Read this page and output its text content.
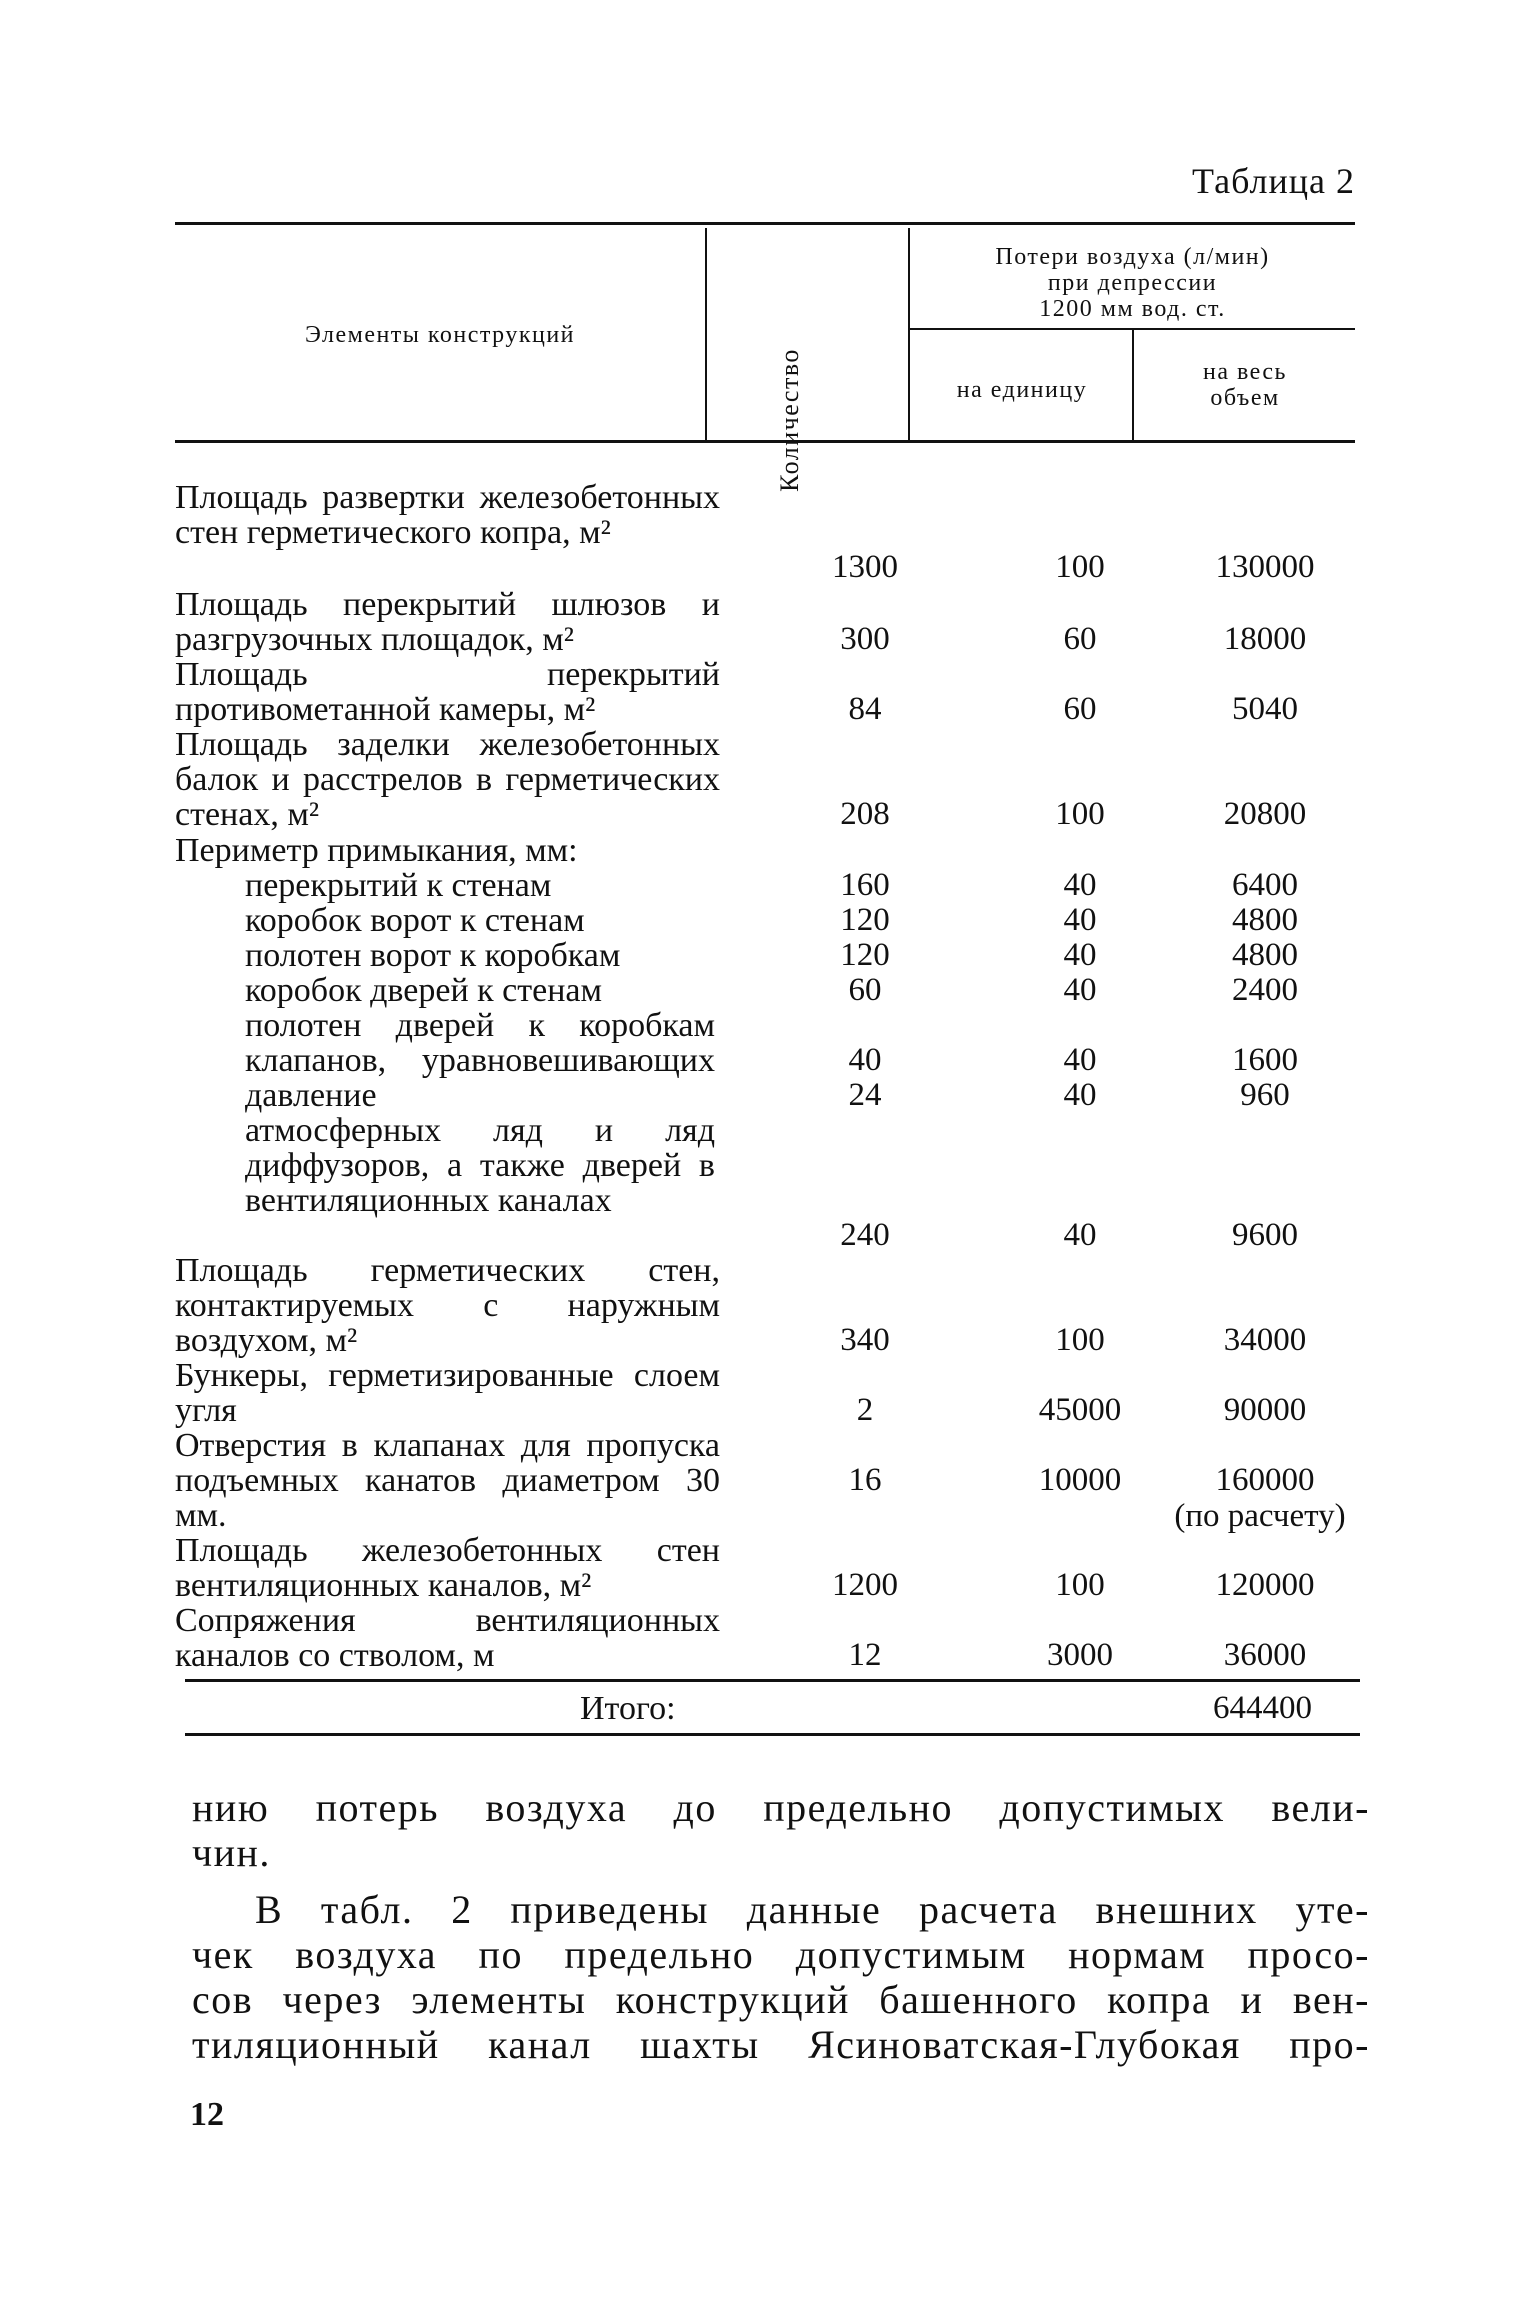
Таблица 2
Элементы конструкций
Количество
Потери воздуха (л/мин)
при депрессии
1200 мм вод. ст.
на единицу
на весь
объем
Площадь развертки железобетонных стен герметического копра, м²
Площадь перекрытий шлюзов и разгрузочных площадок, м²
Площадь перекрытий противометанной камеры, м²
Площадь заделки железобетонных балок и расстрелов в герметических стенах, м²
Периметр примыкания, мм:
перекрытий к стенам
коробок ворот к стенам
полотен ворот к коробкам
коробок дверей к стенам
полотен дверей к коробкам клапанов, уравновешивающих давление
атмосферных ляд и ляд диффузоров, а также дверей в вентиляционных каналах
Площадь герметических стен, контактируемых с наружным воздухом, м²
Бункеры, герметизированные слоем угля
Отверстия в клапанах для пропуска подъемных канатов диаметром 30 мм.
Площадь железобетонных стен вентиляционных каналов, м²
Сопряжения вентиляционных каналов со стволом, м
1300
300
84
208
160
120
120
60
40
24
240
340
2
16
1200
12
100
60
60
100
40
40
40
40
40
40
40
100
45000
10000
100
3000
130000
18000
5040
20800
6400
4800
4800
2400
1600
960
9600
34000
90000
160000
(по расчету)
120000
36000
Итого:	644400
нию потерь воздуха до предельно допустимых вели-
чин.
В табл. 2 приведены данные расчета внешних уте-
чек воздуха по предельно допустимым нормам просо-
сов через элементы конструкций башенного копра и вен-
тиляционный канал шахты Ясиноватская-Глубокая про-
12
